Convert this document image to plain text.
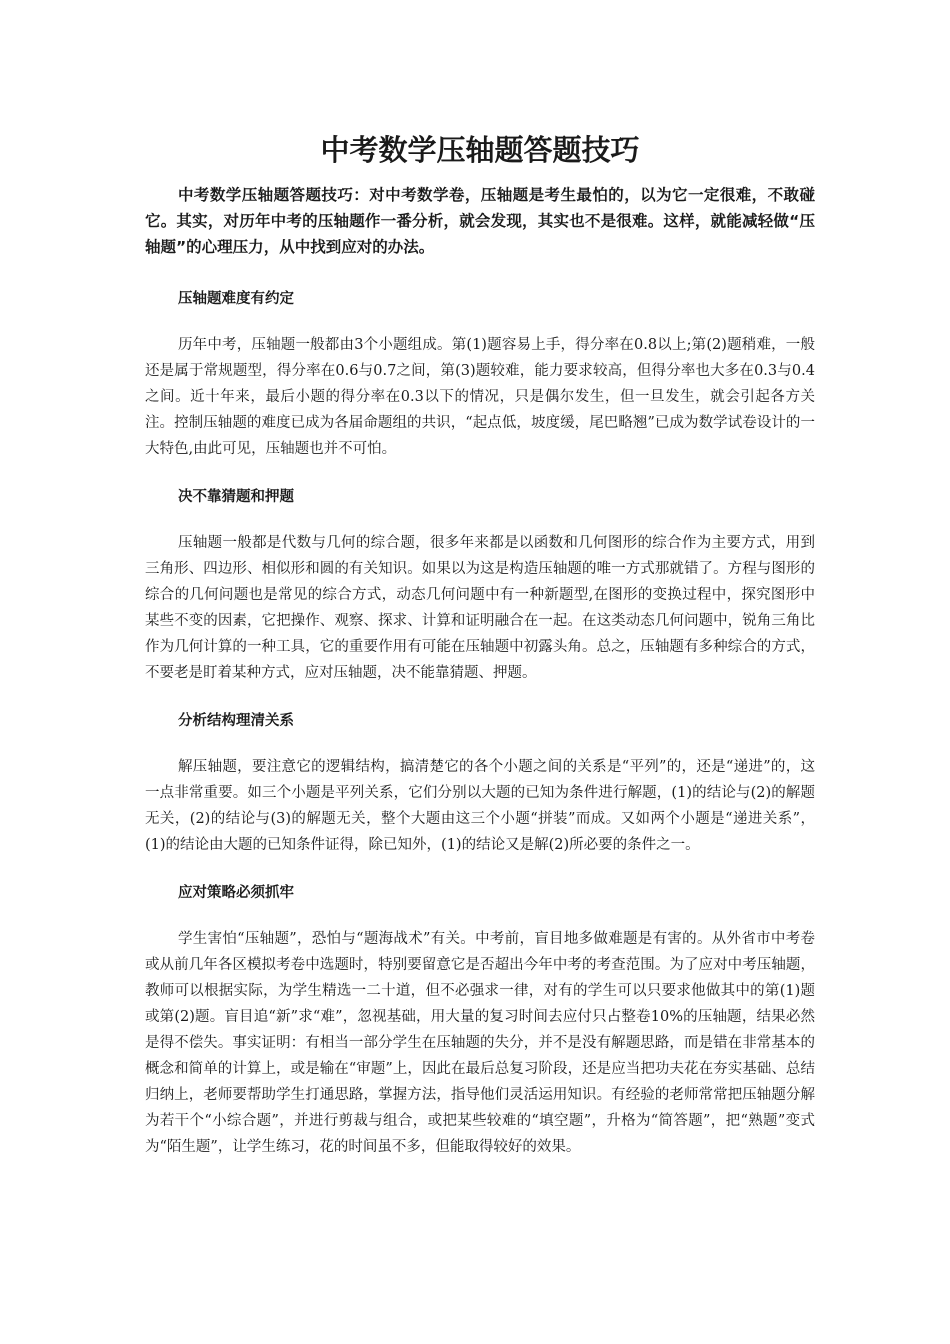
中考数学压轴题答题技巧

中考数学压轴题答题技巧：对中考数学卷，压轴题是考生最怕的，以为它一定很难，不敢碰它。其实，对历年中考的压轴题作一番分析，就会发现，其实也不是很难。这样，就能减轻做“压轴题”的心理压力，从中找到应对的办法。

压轴题难度有约定

历年中考，压轴题一般都由3个小题组成。第(1)题容易上手，得分率在0.8以上;第(2)题稍难，一般还是属于常规题型，得分率在0.6与0.7之间，第(3)题较难，能力要求较高，但得分率也大多在0.3与0.4之间。近十年来，最后小题的得分率在0.3以下的情况，只是偶尔发生，但一旦发生，就会引起各方关注。控制压轴题的难度已成为各届命题组的共识，“起点低，坡度缓，尾巴略翘”已成为数学试卷设计的一大特色,由此可见，压轴题也并不可怕。

决不靠猜题和押题

压轴题一般都是代数与几何的综合题，很多年来都是以函数和几何图形的综合作为主要方式，用到三角形、四边形、相似形和圆的有关知识。如果以为这是构造压轴题的唯一方式那就错了。方程与图形的综合的几何问题也是常见的综合方式，动态几何问题中有一种新题型,在图形的变换过程中，探究图形中某些不变的因素，它把操作、观察、探求、计算和证明融合在一起。在这类动态几何问题中，锐角三角比作为几何计算的一种工具，它的重要作用有可能在压轴题中初露头角。总之，压轴题有多种综合的方式，不要老是盯着某种方式，应对压轴题，决不能靠猜题、押题。

分析结构理清关系

解压轴题，要注意它的逻辑结构，搞清楚它的各个小题之间的关系是“平列”的，还是“递进”的，这一点非常重要。如三个小题是平列关系，它们分别以大题的已知为条件进行解题，(1)的结论与(2)的解题无关，(2)的结论与(3)的解题无关，整个大题由这三个小题“拼装”而成。又如两个小题是“递进关系”，(1)的结论由大题的已知条件证得，除已知外，(1)的结论又是解(2)所必要的条件之一。

应对策略必须抓牢

学生害怕“压轴题”，恐怕与“题海战术”有关。中考前，盲目地多做难题是有害的。从外省市中考卷或从前几年各区模拟考卷中选题时，特别要留意它是否超出今年中考的考查范围。为了应对中考压轴题，教师可以根据实际，为学生精选一二十道，但不必强求一律，对有的学生可以只要求他做其中的第(1)题或第(2)题。盲目追“新”求“难”，忽视基础，用大量的复习时间去应付只占整卷10%的压轴题，结果必然是得不偿失。事实证明：有相当一部分学生在压轴题的失分，并不是没有解题思路，而是错在非常基本的概念和简单的计算上，或是输在“审题”上，因此在最后总复习阶段，还是应当把功夫花在夯实基础、总结归纳上，老师要帮助学生打通思路，掌握方法，指导他们灵活运用知识。有经验的老师常常把压轴题分解为若干个“小综合题”，并进行剪裁与组合，或把某些较难的“填空题”，升格为“简答题”，把“熟题”变式为“陌生题”，让学生练习，花的时间虽不多，但能取得较好的效果。
